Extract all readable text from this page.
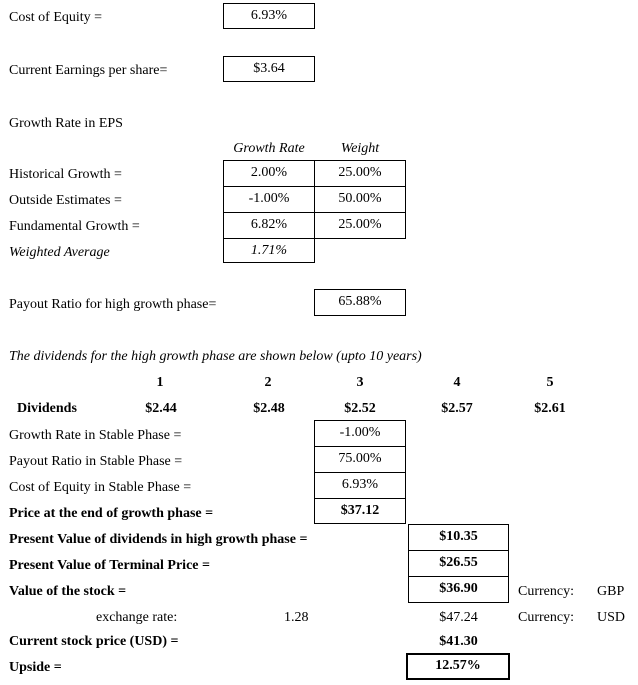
Cost of Equity =	6.93%
Current Earnings per share=	$3.64
Growth Rate in EPS
Growth Rate	Weight
Historical Growth =	2.00%	25.00%
Outside Estimates =	-1.00%	50.00%
Fundamental Growth =	6.82%	25.00%
Weighted Average	1.71%
Payout Ratio for high growth phase=	65.88%
The dividends for the high growth phase are shown below (upto 10 years)
1	2	3	4	5
Dividends	$2.44	$2.48	$2.52	$2.57	$2.61
Growth Rate in Stable Phase =	-1.00%
Payout Ratio in Stable Phase =	75.00%
Cost of Equity in Stable Phase =	6.93%
Price at the end of growth phase =	$37.12
Present Value of dividends in high growth phase =	$10.35
Present Value of Terminal Price =	$26.55
Value of the stock =	$36.90	Currency: GBP
exchange rate:	1.28	$47.24	Currency: USD
Current stock price (USD) =	$41.30
Upside =	12.57%
